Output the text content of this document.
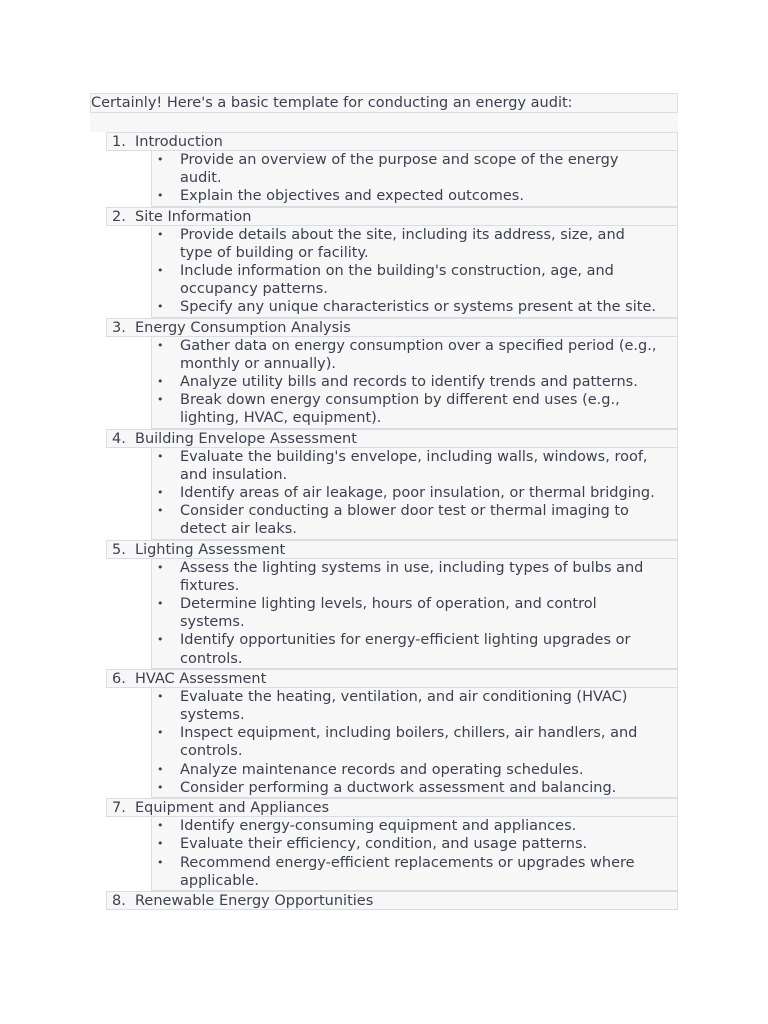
Certainly! Here's a basic template for conducting an energy audit:
1. Introduction
• Provide an overview of the purpose and scope of the energy
audit.
• Explain the objectives and expected outcomes.
2. Site Information
• Provide details about the site, including its address, size, and
type of building or facility.
• Include information on the building's construction, age, and
occupancy patterns.
• Specify any unique characteristics or systems present at the site.
3. Energy Consumption Analysis
• Gather data on energy consumption over a specified period (e.g.,
monthly or annually).
• Analyze utility bills and records to identify trends and patterns.
• Break down energy consumption by different end uses (e.g.,
lighting, HVAC, equipment).
4. Building Envelope Assessment
• Evaluate the building's envelope, including walls, windows, roof,
and insulation.
• Identify areas of air leakage, poor insulation, or thermal bridging.
• Consider conducting a blower door test or thermal imaging to
detect air leaks.
5. Lighting Assessment
• Assess the lighting systems in use, including types of bulbs and
fixtures.
• Determine lighting levels, hours of operation, and control
systems.
• Identify opportunities for energy-efficient lighting upgrades or
controls.
6. HVAC Assessment
• Evaluate the heating, ventilation, and air conditioning (HVAC)
systems.
• Inspect equipment, including boilers, chillers, air handlers, and
controls.
• Analyze maintenance records and operating schedules.
• Consider performing a ductwork assessment and balancing.
7. Equipment and Appliances
• Identify energy-consuming equipment and appliances.
• Evaluate their efficiency, condition, and usage patterns.
• Recommend energy-efficient replacements or upgrades where
applicable.
8. Renewable Energy Opportunities
